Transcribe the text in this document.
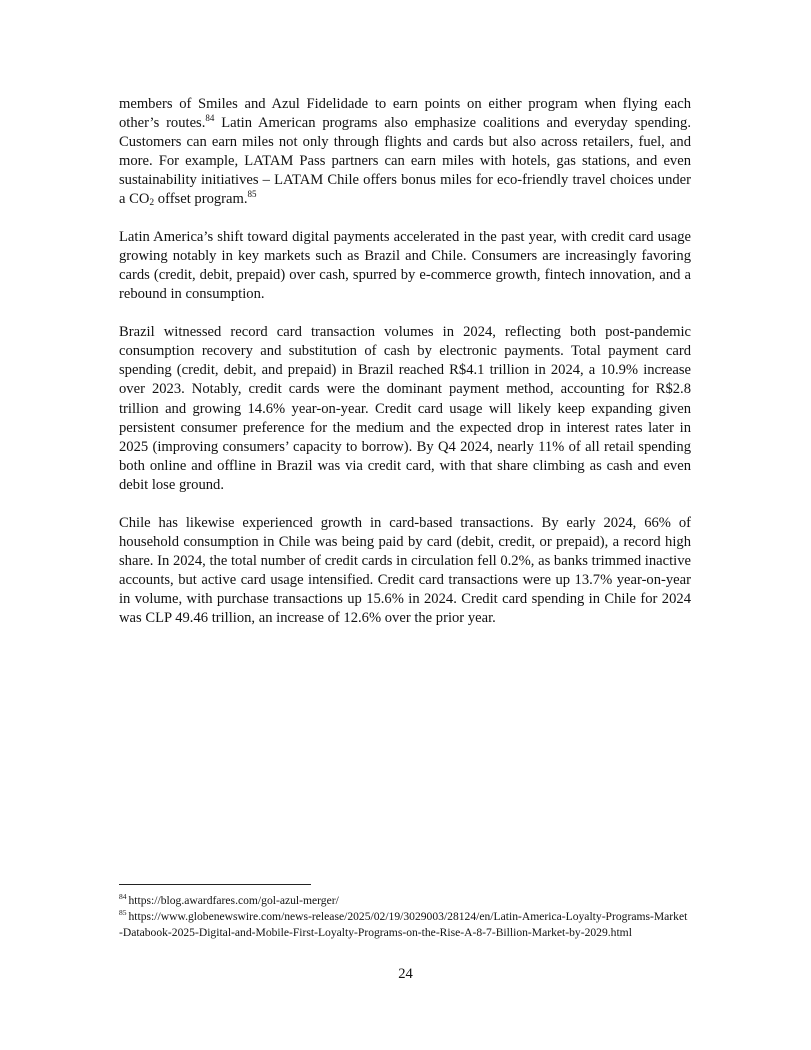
members of Smiles and Azul Fidelidade to earn points on either program when flying each other’s routes.$^{84}$ Latin American programs also emphasize coalitions and everyday spending. Customers can earn miles not only through flights and cards but also across retailers, fuel, and more. For example, LATAM Pass partners can earn miles with hotels, gas stations, and even sustainability initiatives – LATAM Chile offers bonus miles for eco-friendly travel choices under a $CO_2$ offset program.$^{85}$

Latin America’s shift toward digital payments accelerated in the past year, with credit card usage growing notably in key markets such as Brazil and Chile. Consumers are increasingly favoring cards (credit, debit, prepaid) over cash, spurred by e-commerce growth, fintech innovation, and a rebound in consumption.

Brazil witnessed record card transaction volumes in 2024, reflecting both post-pandemic consumption recovery and substitution of cash by electronic payments. Total payment card spending (credit, debit, and prepaid) in Brazil reached R$4.1 trillion in 2024, a 10.9% increase over 2023. Notably, credit cards were the dominant payment method, accounting for R$2.8 trillion and growing 14.6% year-on-year. Credit card usage will likely keep expanding given persistent consumer preference for the medium and the expected drop in interest rates later in 2025 (improving consumers’ capacity to borrow). By Q4 2024, nearly 11% of all retail spending both online and offline in Brazil was via credit card, with that share climbing as cash and even debit lose ground.

Chile has likewise experienced growth in card-based transactions. By early 2024, 66% of household consumption in Chile was being paid by card (debit, credit, or prepaid), a record high share. In 2024, the total number of credit cards in circulation fell 0.2%, as banks trimmed inactive accounts, but active card usage intensified. Credit card transactions were up 13.7% year-on-year in volume, with purchase transactions up 15.6% in 2024. Credit card spending in Chile for 2024 was CLP 49.46 trillion, an increase of 12.6% over the prior year.

$^{84}$ https://blog.awardfares.com/gol-azul-merger/

$^{85}$ https://www.globenewswire.com/news-release/2025/02/19/3029003/28124/en/Latin-America-Loyalty-Programs-Market-Databook-2025-Digital-and-Mobile-First-Loyalty-Programs-on-the-Rise-A-8-7-Billion-Market-by-2029.html

24
